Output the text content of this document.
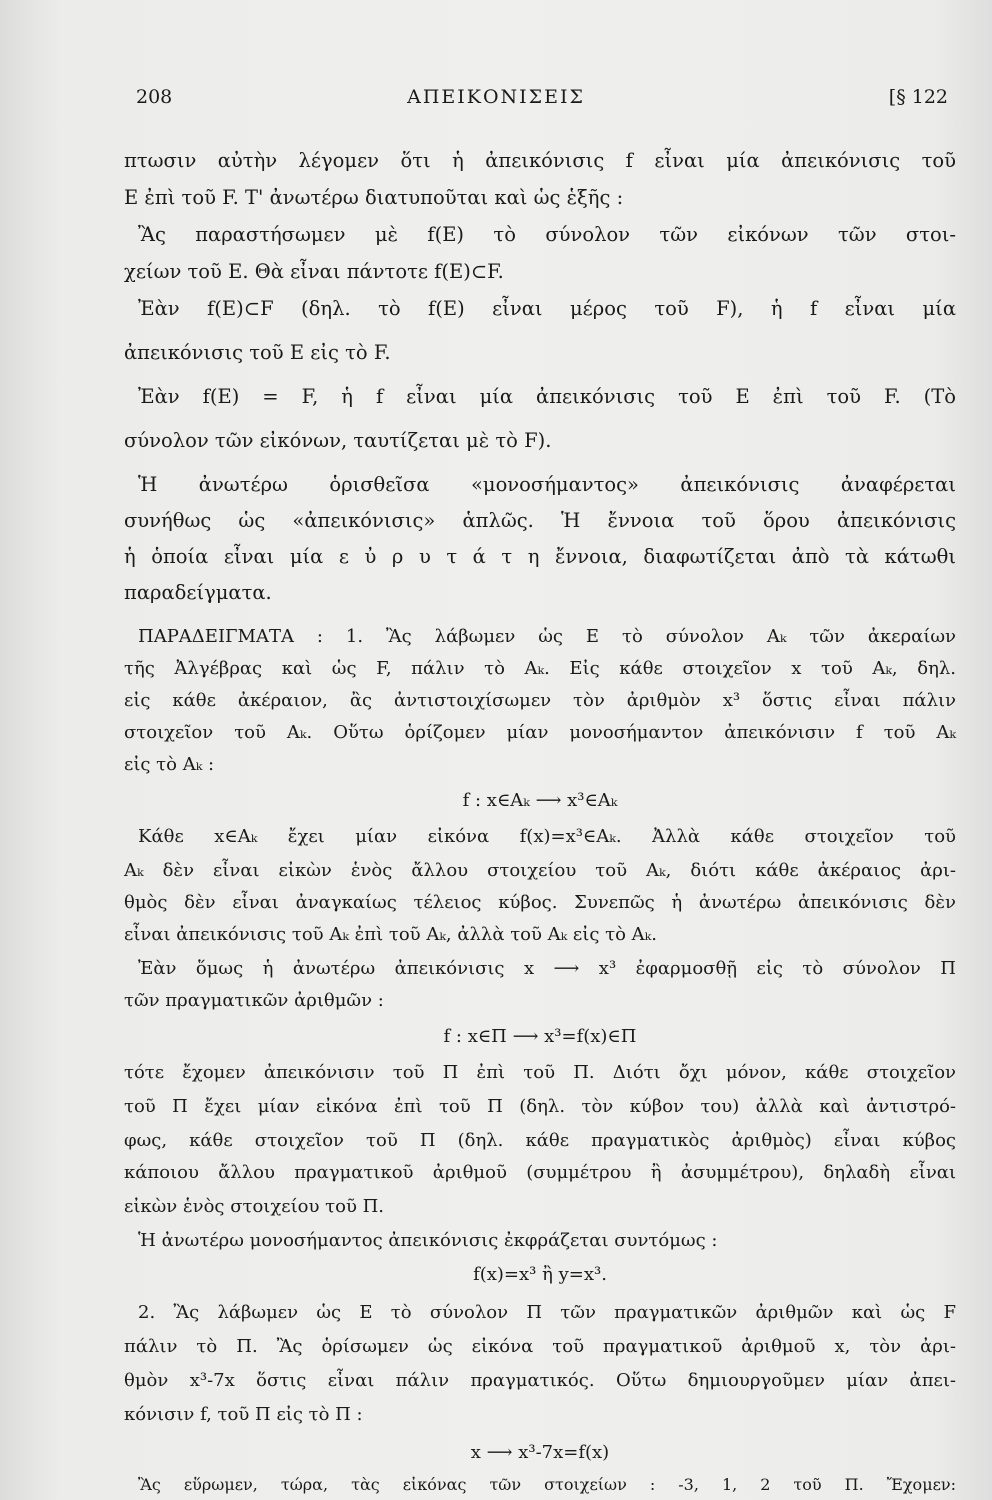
208	ΑΠΕΙΚΟΝΙΣΕΙΣ	[§ 122
πτωσιν αὐτὴν λέγομεν ὅτι ἡ ἀπεικόνισις f εἶναι μία ἀπεικόνισις τοῦ
Ε ἐπὶ τοῦ F. Τ' ἀνωτέρω διατυποῦται καὶ ὡς ἑξῆς :
Ἂς παραστήσωμεν μὲ f(E) τὸ σύνολον τῶν εἰκόνων τῶν στοι-
χείων τοῦ Ε. Θὰ εἶναι πάντοτε f(E)⊂F.
Ἐὰν f(E)⊂F (δηλ. τὸ f(E) εἶναι μέρος τοῦ F), ἡ f εἶναι μία
ἀπεικόνισις τοῦ Ε εἰς τὸ F.
Ἐὰν f(E) = F, ἡ f εἶναι μία ἀπεικόνισις τοῦ Ε ἐπὶ τοῦ F. (Τὸ
σύνολον τῶν εἰκόνων, ταυτίζεται μὲ τὸ F).
Ἡ ἀνωτέρω ὁρισθεῖσα «μονοσήμαντος» ἀπεικόνισις ἀναφέρεται
συνήθως ὡς «ἀπεικόνισις» ἁπλῶς. Ἡ ἔννοια τοῦ ὅρου ἀπεικόνισις
ἡ ὁποία εἶναι μία ε ὐ ρ υ τ ά τ η ἔννοια, διαφωτίζεται ἀπὸ τὰ κάτωθι
παραδείγματα.
ΠΑΡΑΔΕΙΓΜΑΤΑ : 1. Ἂς λάβωμεν ὡς Ε τὸ σύνολον Aₖ τῶν ἀκεραίων
τῆς Ἀλγέβρας καὶ ὡς F, πάλιν τὸ Aₖ. Εἰς κάθε στοιχεῖον x τοῦ Aₖ, δηλ.
εἰς κάθε ἀκέραιον, ἂς ἀντιστοιχίσωμεν τὸν ἀριθμὸν x³ ὅστις εἶναι πάλιν
στοιχεῖον τοῦ Aₖ. Οὕτω ὁρίζομεν μίαν μονοσήμαντον ἀπεικόνισιν f τοῦ Aₖ
εἰς τὸ Aₖ :
f : x∈Aₖ ⟶ x³∈Aₖ
Κάθε x∈Aₖ ἔχει μίαν εἰκόνα f(x)=x³∈Aₖ. Ἀλλὰ κάθε στοιχεῖον τοῦ
Aₖ δὲν εἶναι εἰκὼν ἑνὸς ἄλλου στοιχείου τοῦ Aₖ, διότι κάθε ἀκέραιος ἀρι-
θμὸς δὲν εἶναι ἀναγκαίως τέλειος κύβος. Συνεπῶς ἡ ἀνωτέρω ἀπεικόνισις δὲν
εἶναι ἀπεικόνισις τοῦ Aₖ ἐπὶ τοῦ Aₖ, ἀλλὰ τοῦ Aₖ εἰς τὸ Aₖ.
Ἐὰν ὅμως ἡ ἀνωτέρω ἀπεικόνισις x ⟶ x³ ἐφαρμοσθῇ εἰς τὸ σύνολον Π
τῶν πραγματικῶν ἀριθμῶν :
f : x∈Π ⟶ x³=f(x)∈Π
τότε ἔχομεν ἀπεικόνισιν τοῦ Π ἐπὶ τοῦ Π. Διότι ὄχι μόνον, κάθε στοιχεῖον
τοῦ Π ἔχει μίαν εἰκόνα ἐπὶ τοῦ Π (δηλ. τὸν κύβον του) ἀλλὰ καὶ ἀντιστρό-
φως, κάθε στοιχεῖον τοῦ Π (δηλ. κάθε πραγματικὸς ἀριθμὸς) εἶναι κύβος
κάποιου ἄλλου πραγματικοῦ ἀριθμοῦ (συμμέτρου ἢ ἀσυμμέτρου), δηλαδὴ εἶναι
εἰκὼν ἑνὸς στοιχείου τοῦ Π.
Ἡ ἀνωτέρω μονοσήμαντος ἀπεικόνισις ἐκφράζεται συντόμως :
f(x)=x³ ἢ y=x³.
2. Ἂς λάβωμεν ὡς Ε τὸ σύνολον Π τῶν πραγματικῶν ἀριθμῶν καὶ ὡς F
πάλιν τὸ Π. Ἂς ὁρίσωμεν ὡς εἰκόνα τοῦ πραγματικοῦ ἀριθμοῦ x, τὸν ἀρι-
θμὸν x³-7x ὅστις εἶναι πάλιν πραγματικός. Οὕτω δημιουργοῦμεν μίαν ἀπει-
κόνισιν f, τοῦ Π εἰς τὸ Π :
x ⟶ x³-7x=f(x)
Ἂς εὕρωμεν, τώρα, τὰς εἰκόνας τῶν στοιχείων : -3, 1, 2 τοῦ Π. Ἔχομεν:
